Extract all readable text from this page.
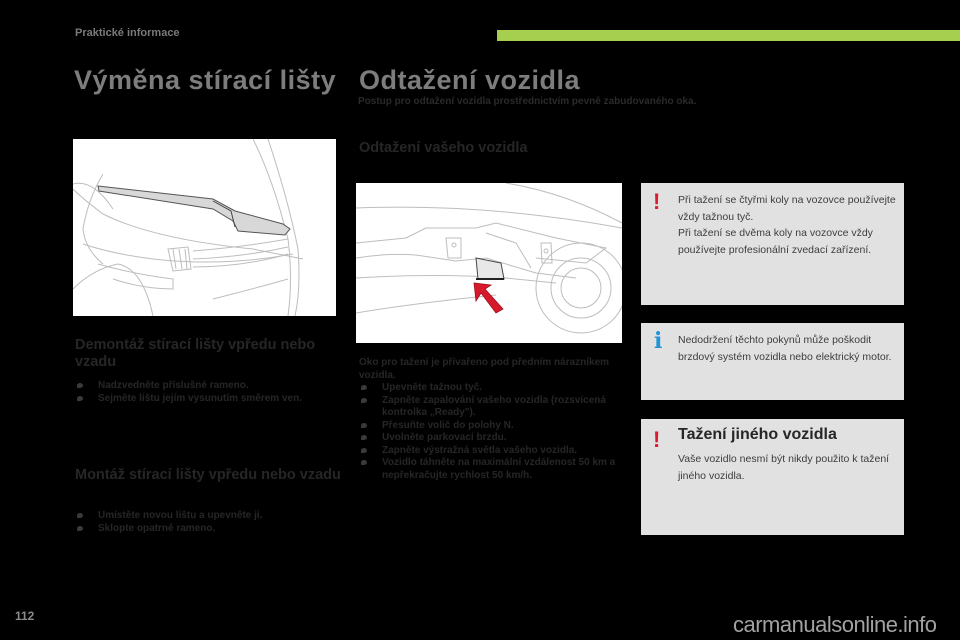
Praktické informace
Výměna stírací lišty
Demontáž stírací lišty vpředu nebo vzadu
Nadzvedněte příslušné rameno.
Sejměte lištu jejím vysunutím směrem ven.
Montáž stírací lišty vpředu nebo vzadu
Umístěte novou lištu a upevněte ji.
Sklopte opatrně rameno.
Odtažení vozidla
Postup pro odtažení vozidla prostřednictvím pevně zabudovaného oka.
Odtažení vašeho vozidla
Oko pro tažení je přivařeno pod předním nárazníkem vozidla.
Upevněte tažnou tyč.
Zapněte zapalování vašeho vozidla (rozsvícená kontrolka „Ready").
Přesuňte volič do polohy N.
Uvolněte parkovací brzdu.
Zapněte výstražná světla vašeho vozidla.
Vozidlo táhněte na maximální vzdálenost 50 km a nepřekračujte rychlost 50 km/h.
! Při tažení se čtyřmi koly na vozovce používejte vždy tažnou tyč.
Při tažení se dvěma koly na vozovce vždy používejte profesionální zvedací zařízení.
i Nedodržení těchto pokynů může poškodit brzdový systém vozidla nebo elektrický motor.
! Tažení jiného vozidla
Vaše vozidlo nesmí být nikdy použito k tažení jiného vozidla.
112	carmanualsonline.info
